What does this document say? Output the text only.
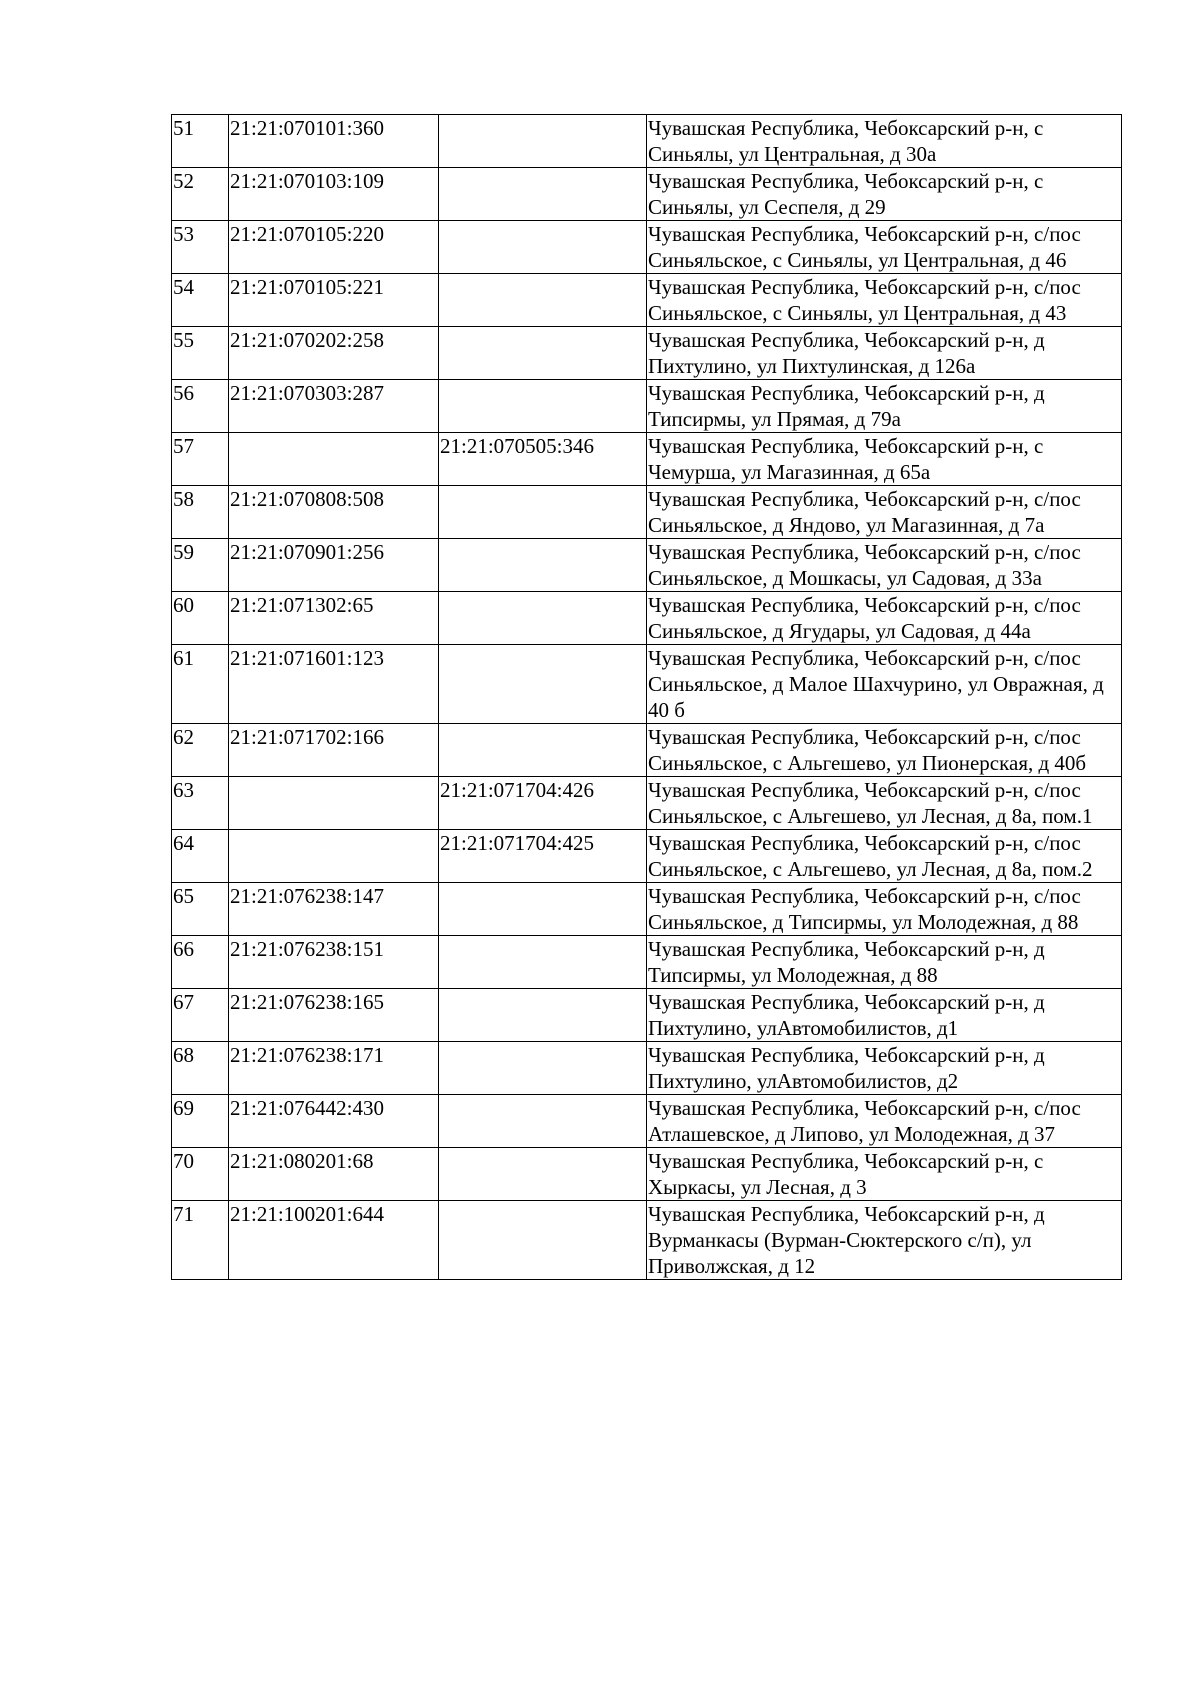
51	21:21:070101:360		Чувашская Республика, Чебоксарский р-н, с Синьялы, ул Центральная, д 30а
52	21:21:070103:109		Чувашская Республика, Чебоксарский р-н, с Синьялы, ул Сеспеля, д 29
53	21:21:070105:220		Чувашская Республика, Чебоксарский р-н, с/пос Синьяльское, с Синьялы, ул Центральная, д 46
54	21:21:070105:221		Чувашская Республика, Чебоксарский р-н, с/пос Синьяльское, с Синьялы, ул Центральная, д 43
55	21:21:070202:258		Чувашская Республика, Чебоксарский р-н, д Пихтулино, ул Пихтулинская, д 126а
56	21:21:070303:287		Чувашская Республика, Чебоксарский р-н, д Типсирмы, ул Прямая, д 79а
57		21:21:070505:346	Чувашская Республика, Чебоксарский р-н, с Чемурша, ул Магазинная, д 65а
58	21:21:070808:508		Чувашская Республика, Чебоксарский р-н, с/пос Синьяльское, д Яндово, ул Магазинная, д 7а
59	21:21:070901:256		Чувашская Республика, Чебоксарский р-н, с/пос Синьяльское, д Мошкасы, ул Садовая, д 33а
60	21:21:071302:65		Чувашская Республика, Чебоксарский р-н, с/пос Синьяльское, д Ягудары, ул Садовая, д 44а
61	21:21:071601:123		Чувашская Республика, Чебоксарский р-н, с/пос Синьяльское, д Малое Шахчурино, ул Овражная, д 40 б
62	21:21:071702:166		Чувашская Республика, Чебоксарский р-н, с/пос Синьяльское, с Альгешево, ул Пионерская, д 40б
63		21:21:071704:426	Чувашская Республика, Чебоксарский р-н, с/пос Синьяльское, с Альгешево, ул Лесная, д 8а, пом.1
64		21:21:071704:425	Чувашская Республика, Чебоксарский р-н, с/пос Синьяльское, с Альгешево, ул Лесная, д 8а, пом.2
65	21:21:076238:147		Чувашская Республика, Чебоксарский р-н, с/пос Синьяльское, д Типсирмы, ул Молодежная, д 88
66	21:21:076238:151		Чувашская Республика, Чебоксарский р-н, д Типсирмы, ул Молодежная, д 88
67	21:21:076238:165		Чувашская Республика, Чебоксарский р-н, д Пихтулино, улАвтомобилистов, д1
68	21:21:076238:171		Чувашская Республика, Чебоксарский р-н, д Пихтулино, улАвтомобилистов, д2
69	21:21:076442:430		Чувашская Республика, Чебоксарский р-н, с/пос Атлашевское, д Липово, ул Молодежная, д 37
70	21:21:080201:68		Чувашская Республика, Чебоксарский р-н, с Хыркасы, ул Лесная, д 3
71	21:21:100201:644		Чувашская Республика, Чебоксарский р-н, д Вурманкасы (Вурман-Сюктерского с/п), ул Приволжская, д 12
